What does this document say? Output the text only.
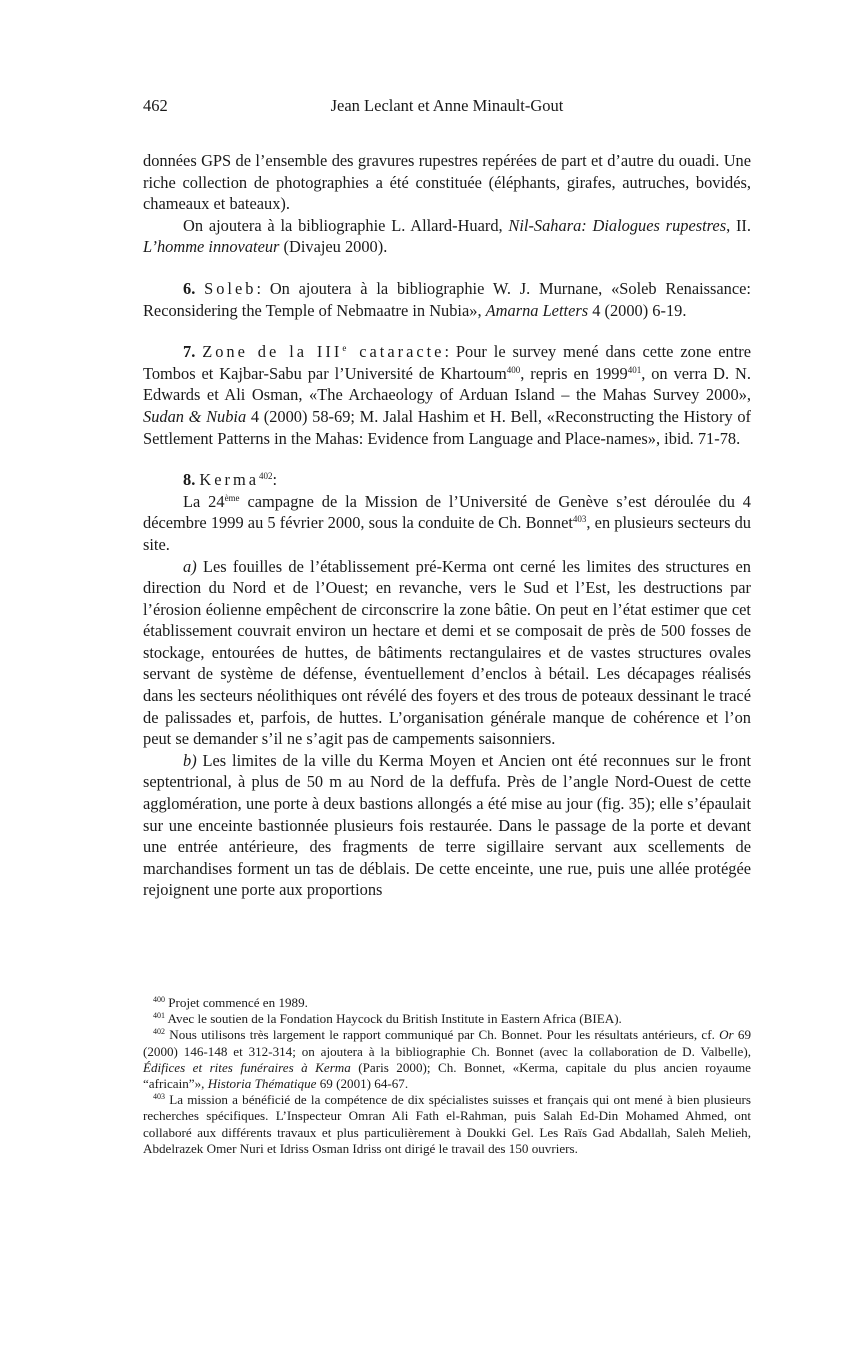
462	Jean Leclant et Anne Minault-Gout

données GPS de l’ensemble des gravures rupestres repérées de part et d’autre du ouadi. Une riche collection de photographies a été constituée (éléphants, girafes, autruches, bovidés, chameaux et bateaux).

On ajoutera à la bibliographie L. Allard-Huard, Nil-Sahara: Dialogues rupestres, II. L’homme innovateur (Divajeu 2000).

6. Soleb: On ajoutera à la bibliographie W. J. Murnane, «Soleb Renaissance: Reconsidering the Temple of Nebmaatre in Nubia», Amarna Letters 4 (2000) 6-19.

7. Zone de la IIIe cataracte: Pour le survey mené dans cette zone entre Tombos et Kajbar-Sabu par l’Université de Khartoum$^{400}$, repris en 1999$^{401}$, on verra D. N. Edwards et Ali Osman, «The Archaeology of Arduan Island – the Mahas Survey 2000», Sudan & Nubia 4 (2000) 58-69; M. Jalal Hashim et H. Bell, «Reconstructing the History of Settlement Patterns in the Mahas: Evidence from Language and Place-names», ibid. 71-78.

8. Kerma$^{402}$:

La 24ème campagne de la Mission de l’Université de Genève s’est déroulée du 4 décembre 1999 au 5 février 2000, sous la conduite de Ch. Bonnet$^{403}$, en plusieurs secteurs du site.

a) Les fouilles de l’établissement pré-Kerma ont cerné les limites des structures en direction du Nord et de l’Ouest; en revanche, vers le Sud et l’Est, les destructions par l’érosion éolienne empêchent de circonscrire la zone bâtie. On peut en l’état estimer que cet établissement couvrait environ un hectare et demi et se composait de près de 500 fosses de stockage, entourées de huttes, de bâtiments rectangulaires et de vastes structures ovales servant de système de défense, éventuellement d’enclos à bétail. Les décapages réalisés dans les secteurs néolithiques ont révélé des foyers et des trous de poteaux dessinant le tracé de palissades et, parfois, de huttes. L’organisation générale manque de cohérence et l’on peut se demander s’il ne s’agit pas de campements saisonniers.

b) Les limites de la ville du Kerma Moyen et Ancien ont été reconnues sur le front septentrional, à plus de 50 m au Nord de la deffufa. Près de l’angle Nord-Ouest de cette agglomération, une porte à deux bastions allongés a été mise au jour (fig. 35); elle s’épaulait sur une enceinte bastionnée plusieurs fois restaurée. Dans le passage de la porte et devant une entrée antérieure, des fragments de terre sigillaire servant aux scellements de marchandises forment un tas de déblais. De cette enceinte, une rue, puis une allée protégée rejoignent une porte aux proportions

$^{400}$ Projet commencé en 1989.

$^{401}$ Avec le soutien de la Fondation Haycock du British Institute in Eastern Africa (BIEA).

$^{402}$ Nous utilisons très largement le rapport communiqué par Ch. Bonnet. Pour les résultats antérieurs, cf. Or 69 (2000) 146-148 et 312-314; on ajoutera à la bibliographie Ch. Bonnet (avec la collaboration de D. Valbelle), Édifices et rites funéraires à Kerma (Paris 2000); Ch. Bonnet, «Kerma, capitale du plus ancien royaume “africain”», Historia Thématique 69 (2001) 64-67.

$^{403}$ La mission a bénéficié de la compétence de dix spécialistes suisses et français qui ont mené à bien plusieurs recherches spécifiques. L’Inspecteur Omran Ali Fath el-Rahman, puis Salah Ed-Din Mohamed Ahmed, ont collaboré aux différents travaux et plus particulièrement à Doukki Gel. Les Raïs Gad Abdallah, Saleh Melieh, Abdelrazek Omer Nuri et Idriss Osman Idriss ont dirigé le travail des 150 ouvriers.
